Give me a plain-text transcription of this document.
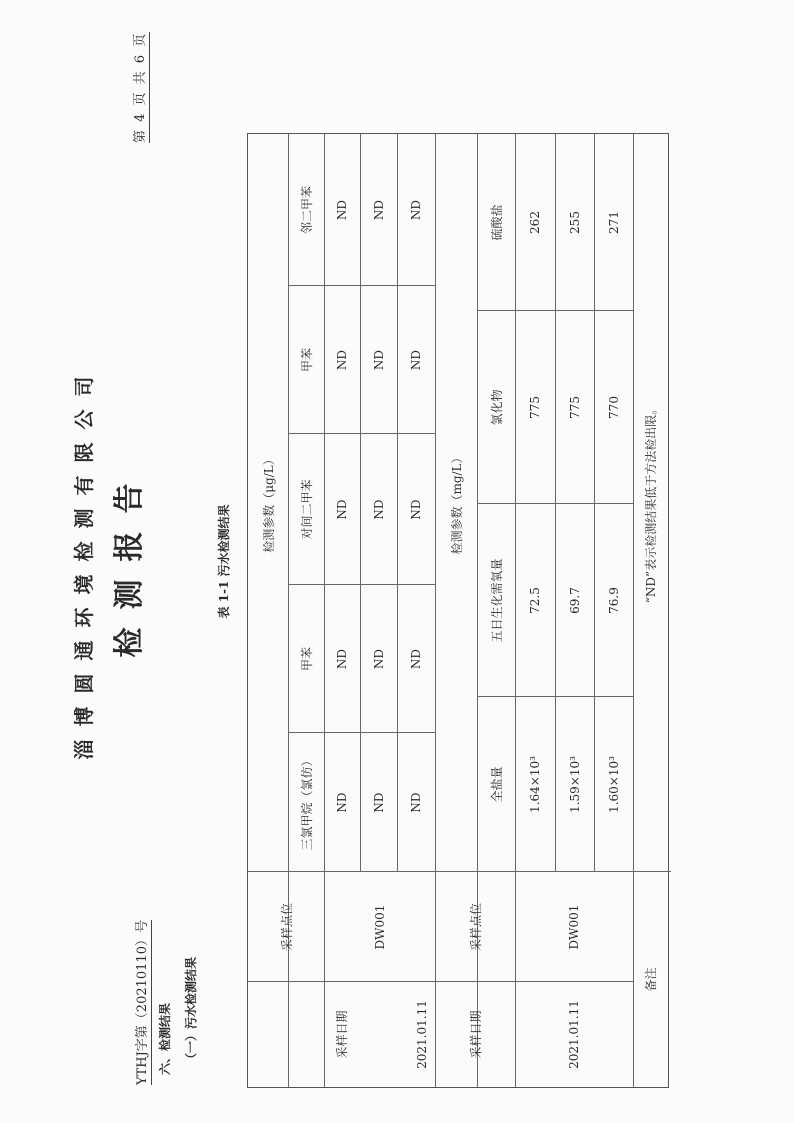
淄博圆通环境检测有限公司 检测报告
第 4 页 共 6 页
YTHJ字第（20210110）号 六、检测结果 （一）污水检测结果
表 1-1 污水检测结果
采样日期
采样点位
检测参数（μg/L）
三氯甲烷（氯仿）
甲苯
对间二甲苯
甲苯
邻二甲苯
DW001
2021.01.11
ND
ND
ND
ND
ND
ND
ND
ND
ND
ND
ND
ND
ND
ND
ND
采样日期
采样点位
检测参数（mg/L）
全盐量
五日生化需氧量
氯化物
硫酸盐
2021.01.11
DW001
1.64×10³
72.5
775
262
1.59×10³
69.7
775
255
1.60×10³
76.9
770
271
备注
“ND”表示检测结果低于方法检出限。
